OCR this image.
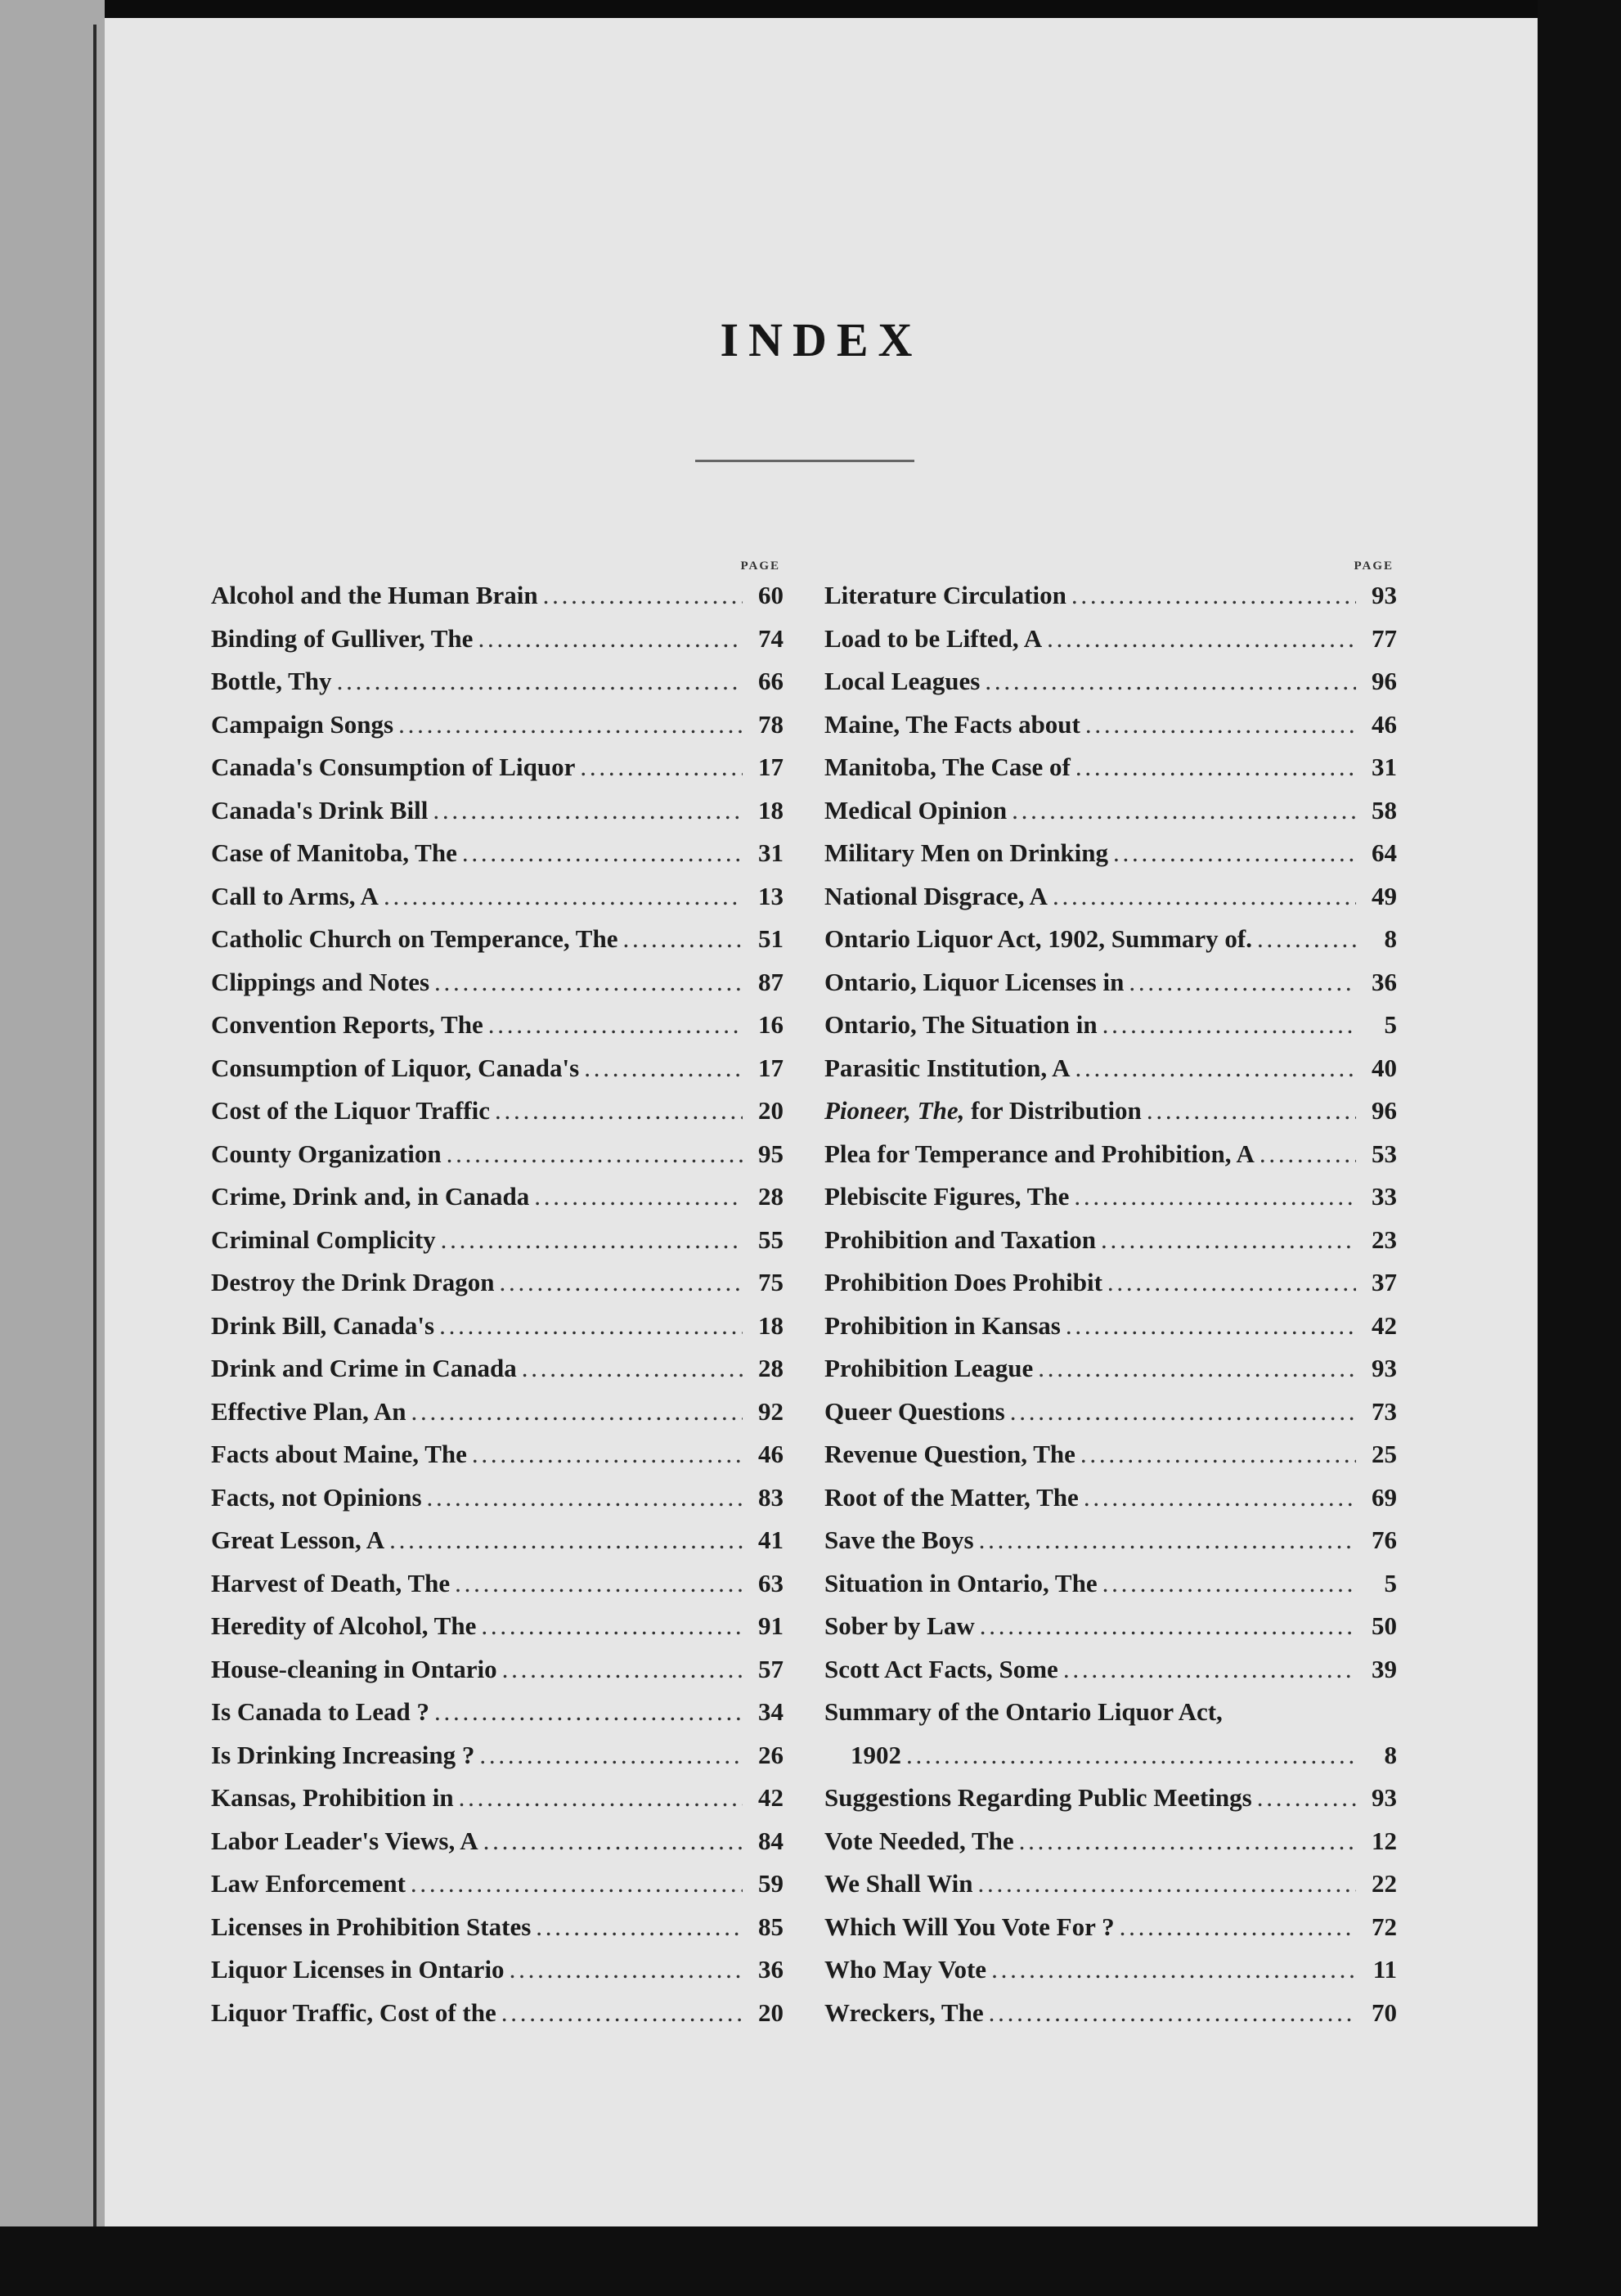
INDEX
PAGE
Alcohol and the Human Brain . . .	60
Binding of Gulliver, The . . .	74
Bottle, Thy . . .	66
Campaign Songs . . .	78
Canada's Consumption of Liquor . . .	17
Canada's Drink Bill . . .	18
Case of Manitoba, The . . .	31
Call to Arms, A . . .	13
Catholic Church on Temperance, The . . .	51
Clippings and Notes . . .	87
Convention Reports, The . . .	16
Consumption of Liquor, Canada's . . .	17
Cost of the Liquor Traffic . . .	20
County Organization . . .	95
Crime, Drink and, in Canada . . .	28
Criminal Complicity . . .	55
Destroy the Drink Dragon . . .	75
Drink Bill, Canada's . . .	18
Drink and Crime in Canada . . .	28
Effective Plan, An . . .	92
Facts about Maine, The . . .	46
Facts, not Opinions . . .	83
Great Lesson, A . . .	41
Harvest of Death, The . . .	63
Heredity of Alcohol, The . . .	91
House-cleaning in Ontario . . .	57
Is Canada to Lead ? . . .	34
Is Drinking Increasing ? . . .	26
Kansas, Prohibition in . . .	42
Labor Leader's Views, A . . .	84
Law Enforcement . . .	59
Licenses in Prohibition States . . .	85
Liquor Licenses in Ontario . . .	36
Liquor Traffic, Cost of the . . .	20
PAGE
Literature Circulation . . .	93
Load to be Lifted, A . . .	77
Local Leagues . . .	96
Maine, The Facts about . . .	46
Manitoba, The Case of . . .	31
Medical Opinion . . .	58
Military Men on Drinking . . .	64
National Disgrace, A . . .	49
Ontario Liquor Act, 1902, Summary of. . . .	8
Ontario, Liquor Licenses in . . .	36
Ontario, The Situation in . . .	5
Parasitic Institution, A . . .	40
Pioneer, The, for Distribution . . .	96
Plea for Temperance and Prohibition, A . . .	53
Plebiscite Figures, The . . .	33
Prohibition and Taxation . . .	23
Prohibition Does Prohibit . . .	37
Prohibition in Kansas . . .	42
Prohibition League . . .	93
Queer Questions . . .	73
Revenue Question, The . . .	25
Root of the Matter, The . . .	69
Save the Boys . . .	76
Situation in Ontario, The . . .	5
Sober by Law . . .	50
Scott Act Facts, Some . . .	39
Summary of the Ontario Liquor Act,
1902 . . .	8
Suggestions Regarding Public Meetings . . .	93
Vote Needed, The . . .	12
We Shall Win . . .	22
Which Will You Vote For ? . . .	72
Who May Vote . . .	11
Wreckers, The . . .	70
